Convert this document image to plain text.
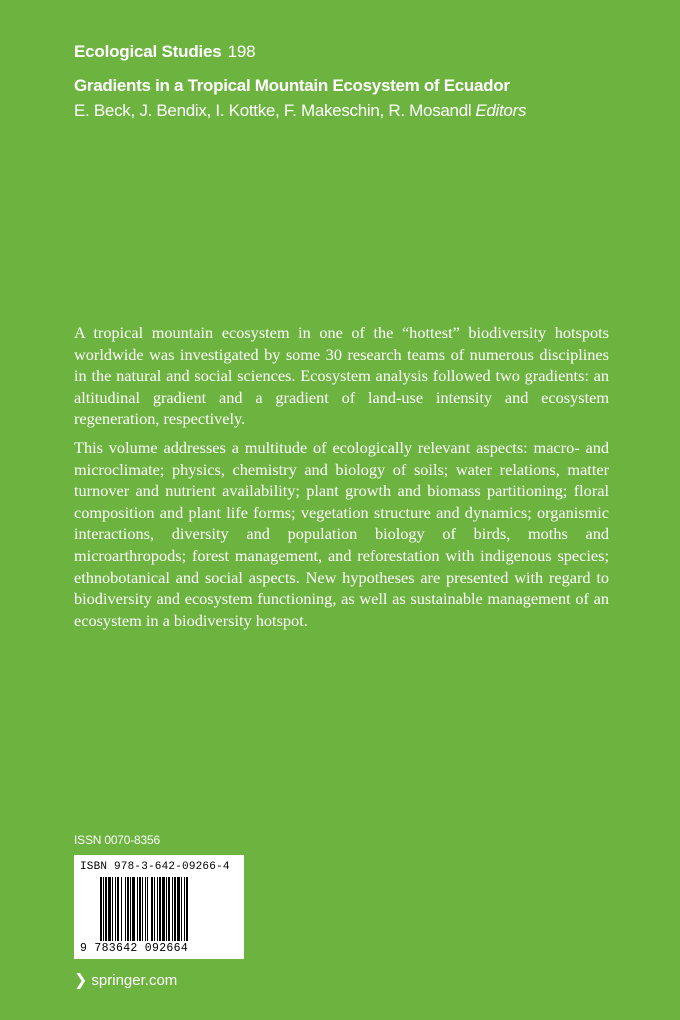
Ecological Studies 198
Gradients in a Tropical Mountain Ecosystem of Ecuador
E. Beck, J. Bendix, I. Kottke, F. Makeschin, R. Mosandl Editors

A tropical mountain ecosystem in one of the “hottest” biodiversity hotspots worldwide was investigated by some 30 research teams of numerous disciplines in the natural and social sciences. Ecosystem analysis followed two gradients: an altitudinal gradient and a gradient of land-use intensity and ecosystem regeneration, respectively.

This volume addresses a multitude of ecologically relevant aspects: macro- and microclimate; physics, chemistry and biology of soils; water relations, matter turnover and nutrient availability; plant growth and biomass partitioning; floral composition and plant life forms; vegetation structure and dynamics; organismic interactions, diversity and population biology of birds, moths and microarthropods; forest management, and reforestation with indigenous species; ethnobotanical and social aspects. New hypotheses are presented with regard to biodiversity and ecosystem functioning, as well as sustainable management of an ecosystem in a biodiversity hotspot.

ISSN 0070-8356
ISBN 978-3-642-09266-4
9 783642 092664
❯ springer.com
